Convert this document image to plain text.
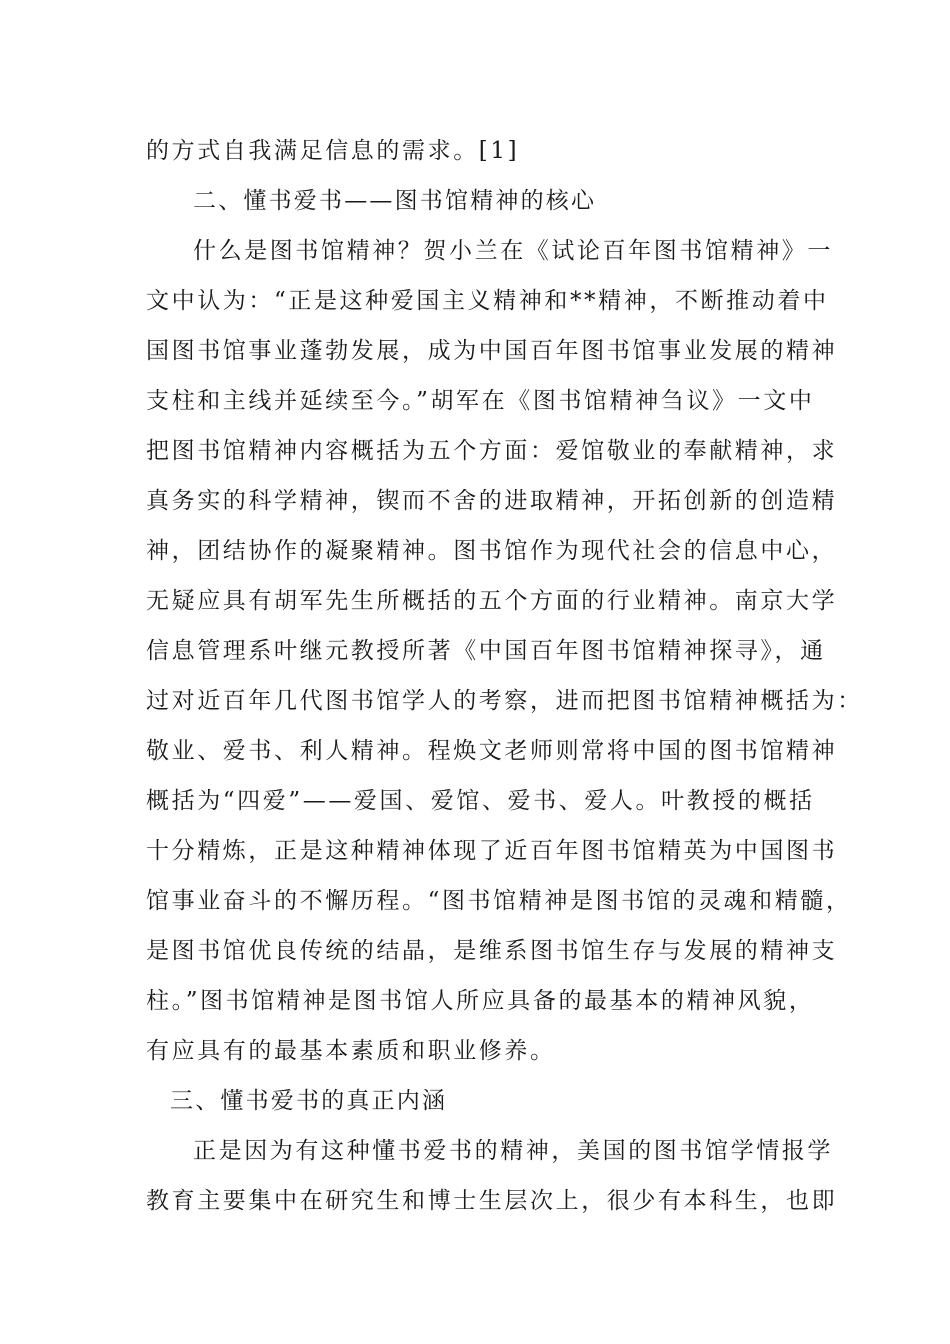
的方式自我满足信息的需求。[1]
二、懂书爱书——图书馆精神的核心
什么是图书馆精神？贺小兰在《试论百年图书馆精神》一
文中认为：“正是这种爱国主义精神和**精神，不断推动着中
国图书馆事业蓬勃发展，成为中国百年图书馆事业发展的精神
支柱和主线并延续至今。”胡军在《图书馆精神刍议》一文中
把图书馆精神内容概括为五个方面：爱馆敬业的奉献精神，求
真务实的科学精神，锲而不舍的进取精神，开拓创新的创造精
神，团结协作的凝聚精神。图书馆作为现代社会的信息中心，
无疑应具有胡军先生所概括的五个方面的行业精神。南京大学
信息管理系叶继元教授所著《中国百年图书馆精神探寻》，通
过对近百年几代图书馆学人的考察，进而把图书馆精神概括为：
敬业、爱书、利人精神。程焕文老师则常将中国的图书馆精神
概括为“四爱”——爱国、爱馆、爱书、爱人。叶教授的概括
十分精炼，正是这种精神体现了近百年图书馆精英为中国图书
馆事业奋斗的不懈历程。“图书馆精神是图书馆的灵魂和精髓，
是图书馆优良传统的结晶，是维系图书馆生存与发展的精神支
柱。”图书馆精神是图书馆人所应具备的最基本的精神风貌，
有应具有的最基本素质和职业修养。
三、懂书爱书的真正内涵
正是因为有这种懂书爱书的精神，美国的图书馆学情报学
教育主要集中在研究生和博士生层次上，很少有本科生，也即
